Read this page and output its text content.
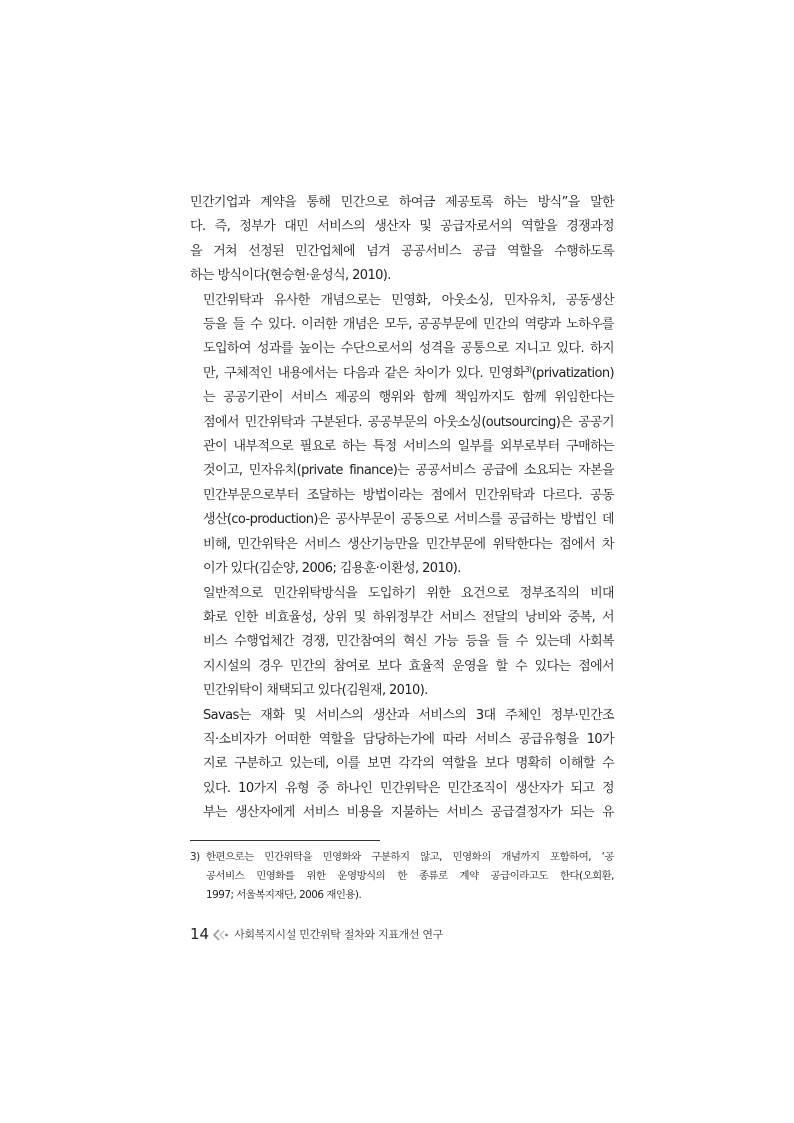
민간기업과 계약을 통해 민간으로 하여금 제공토록 하는 방식”을 말한
다. 즉, 정부가 대민 서비스의 생산자 및 공급자로서의 역할을 경쟁과정
을 거쳐 선정된 민간업체에 넘겨 공공서비스 공급 역할을 수행하도록
하는 방식이다(현승현·윤성식, 2010).

민간위탁과 유사한 개념으로는 민영화, 아웃소싱, 민자유치, 공동생산
등을 들 수 있다. 이러한 개념은 모두, 공공부문에 민간의 역량과 노하우를
도입하여 성과를 높이는 수단으로서의 성격을 공통으로 지니고 있다. 하지
만, 구체적인 내용에서는 다음과 같은 차이가 있다. 민영화$^{3)}$(privatization)
는 공공기관이 서비스 제공의 행위와 함께 책임까지도 함께 위임한다는
점에서 민간위탁과 구분된다. 공공부문의 아웃소싱(outsourcing)은 공공기
관이 내부적으로 필요로 하는 특정 서비스의 일부를 외부로부터 구매하는
것이고, 민자유치(private finance)는 공공서비스 공급에 소요되는 자본을
민간부문으로부터 조달하는 방법이라는 점에서 민간위탁과 다르다. 공동
생산(co-production)은 공사부문이 공동으로 서비스를 공급하는 방법인 데
비해, 민간위탁은 서비스 생산기능만을 민간부문에 위탁한다는 점에서 차
이가 있다(김순양, 2006; 김용훈·이환성, 2010).

일반적으로 민간위탁방식을 도입하기 위한 요건으로 정부조직의 비대
화로 인한 비효율성, 상위 및 하위정부간 서비스 전달의 낭비와 중복, 서
비스 수행업체간 경쟁, 민간참여의 혁신 가능 등을 들 수 있는데 사회복
지시설의 경우 민간의 참여로 보다 효율적 운영을 할 수 있다는 점에서
민간위탁이 채택되고 있다(김원재, 2010).

Savas는 재화 및 서비스의 생산과 서비스의 3대 주체인 정부·민간조
직·소비자가 어떠한 역할을 담당하는가에 따라 서비스 공급유형을 10가
지로 구분하고 있는데, 이를 보면 각각의 역할을 보다 명확히 이해할 수
있다. 10가지 유형 중 하나인 민간위탁은 민간조직이 생산자가 되고 정
부는 생산자에게 서비스 비용을 지불하는 서비스 공급결정자가 되는 유

3) 한편으로는 민간위탁을 민영화와 구분하지 않고, 민영화의 개념까지 포함하여, ‘공
공서비스 민영화를 위한 운영방식의 한 종류로 계약 공급이라고도 한다(오희환,
1997; 서울복지재단, 2006 재인용).
14 사회복지시설 민간위탁 절차와 지표개선 연구
